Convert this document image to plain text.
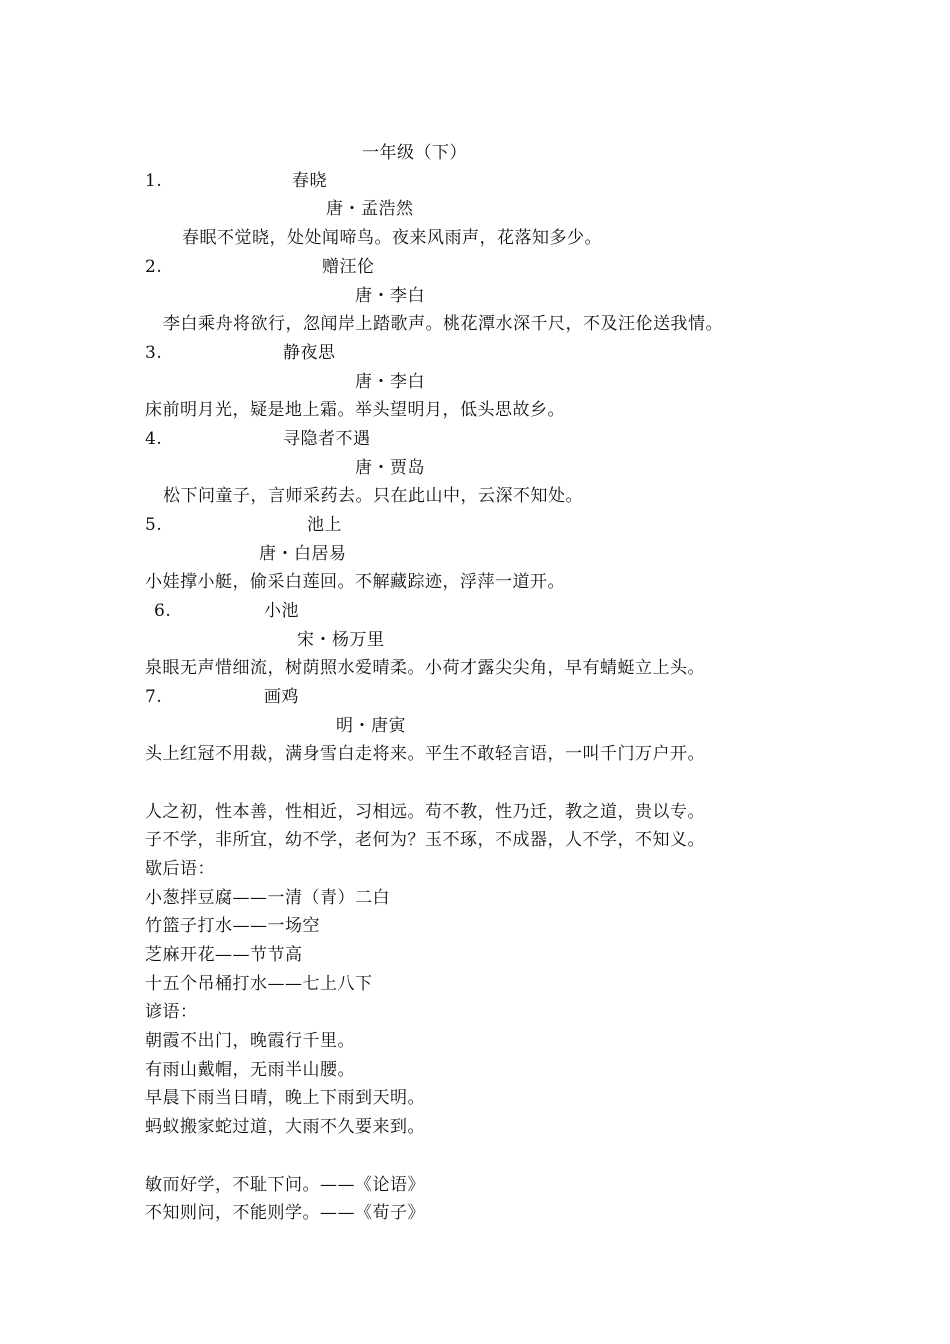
一年级（下）
1.	春晓
唐・孟浩然
春眠不觉晓，处处闻啼鸟。夜来风雨声，花落知多少。
2.	赠汪伦
唐・李白
李白乘舟将欲行，忽闻岸上踏歌声。桃花潭水深千尺，不及汪伦送我情。
3.	静夜思
唐・李白
床前明月光，疑是地上霜。举头望明月，低头思故乡。
4.	寻隐者不遇
唐・贾岛
松下问童子，言师采药去。只在此山中，云深不知处。
5.	池上
唐・白居易
小娃撑小艇，偷采白莲回。不解藏踪迹，浮萍一道开。
6.	小池
宋・杨万里
泉眼无声惜细流，树荫照水爱晴柔。小荷才露尖尖角，早有蜻蜓立上头。
7.	画鸡
明・唐寅
头上红冠不用裁，满身雪白走将来。平生不敢轻言语，一叫千门万户开。
人之初，性本善，性相近，习相远。苟不教，性乃迁，教之道，贵以专。
子不学，非所宜，幼不学，老何为？玉不琢，不成器，人不学，不知义。
歇后语：
小葱拌豆腐——一清（青）二白
竹篮子打水——一场空
芝麻开花——节节高
十五个吊桶打水——七上八下
谚语：
朝霞不出门，晚霞行千里。
有雨山戴帽，无雨半山腰。
早晨下雨当日晴，晚上下雨到天明。
蚂蚁搬家蛇过道，大雨不久要来到。
敏而好学，不耻下问。——《论语》
不知则问，不能则学。——《荀子》
